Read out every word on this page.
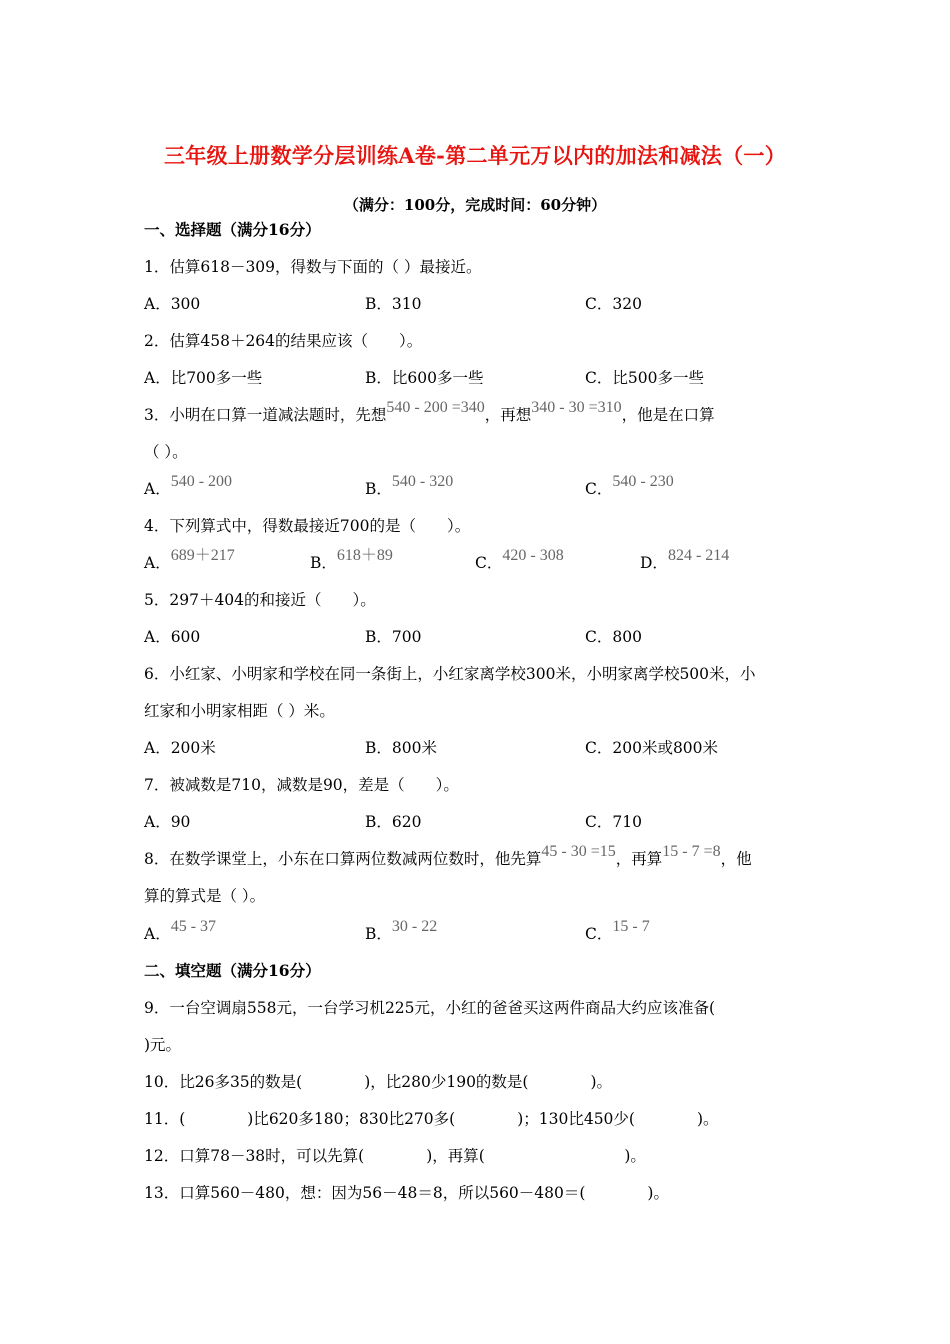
三年级上册数学分层训练A卷-第二单元万以内的加法和减法（一）
（满分：100分，完成时间：60分钟）
一、选择题（满分16分）
1．估算618－309，得数与下面的（ ）最接近。
A．300	B．310	C．320
2．估算458＋264的结果应该（　　）。
A．比700多一些	B．比600多一些	C．比500多一些
3．小明在口算一道减法题时，先想540 - 200 =340，再想340 - 30 =310，他是在口算
（ ）。
A．540 - 200	B．540 - 320	C．540 - 230
4．下列算式中，得数最接近700的是（　　）。
A．689＋217	B．618＋89	C．420 - 308	D．824 - 214
5．297＋404的和接近（　　）。
A．600	B．700	C．800
6．小红家、小明家和学校在同一条街上，小红家离学校300米，小明家离学校500米，小
红家和小明家相距（ ）米。
A．200米	B．800米	C．200米或800米
7．被减数是710，减数是90，差是（　　）。
A．90	B．620	C．710
8．在数学课堂上，小东在口算两位数减两位数时，他先算45 - 30 =15，再算15 - 7 =8，他
算的算式是（ ）。
A．45 - 37	B．30 - 22	C．15 - 7
二、填空题（满分16分）
9．一台空调扇558元，一台学习机225元，小红的爸爸买这两件商品大约应该准备(
)元。
10．比26多35的数是(　　　　)，比280少190的数是(　　　　)。
11．(　　　　)比620多180；830比270多(　　　　)；130比450少(　　　　)。
12．口算78－38时，可以先算(　　　　)，再算(　　　　　　　　　)。
13．口算560－480，想：因为56－48＝8，所以560－480＝(　　　　)。
